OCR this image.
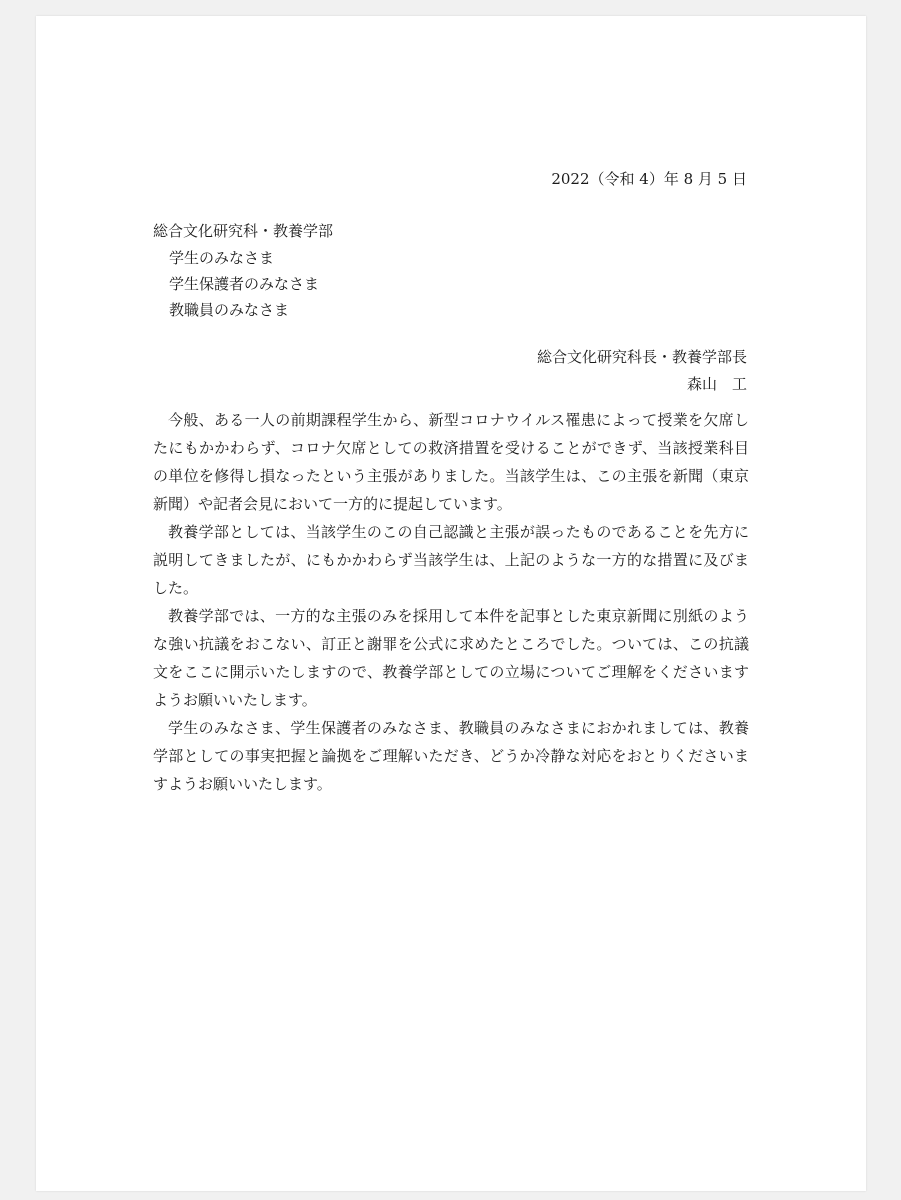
2022（令和 4）年 8 月 5 日
総合文化研究科・教養学部
学生のみなさま
学生保護者のみなさま
教職員のみなさま
総合文化研究科長・教養学部長
森山　工

今般、ある一人の前期課程学生から、新型コロナウイルス罹患によって授業を欠席したにもかかわらず、コロナ欠席としての救済措置を受けることができず、当該授業科目の単位を修得し損なったという主張がありました。当該学生は、この主張を新聞（東京新聞）や記者会見において一方的に提起しています。

教養学部としては、当該学生のこの自己認識と主張が誤ったものであることを先方に説明してきましたが、にもかかわらず当該学生は、上記のような一方的な措置に及びました。

教養学部では、一方的な主張のみを採用して本件を記事とした東京新聞に別紙のような強い抗議をおこない、訂正と謝罪を公式に求めたところでした。ついては、この抗議文をここに開示いたしますので、教養学部としての立場についてご理解をくださいますようお願いいたします。

学生のみなさま、学生保護者のみなさま、教職員のみなさまにおかれましては、教養学部としての事実把握と論拠をご理解いただき、どうか冷静な対応をおとりくださいますようお願いいたします。
